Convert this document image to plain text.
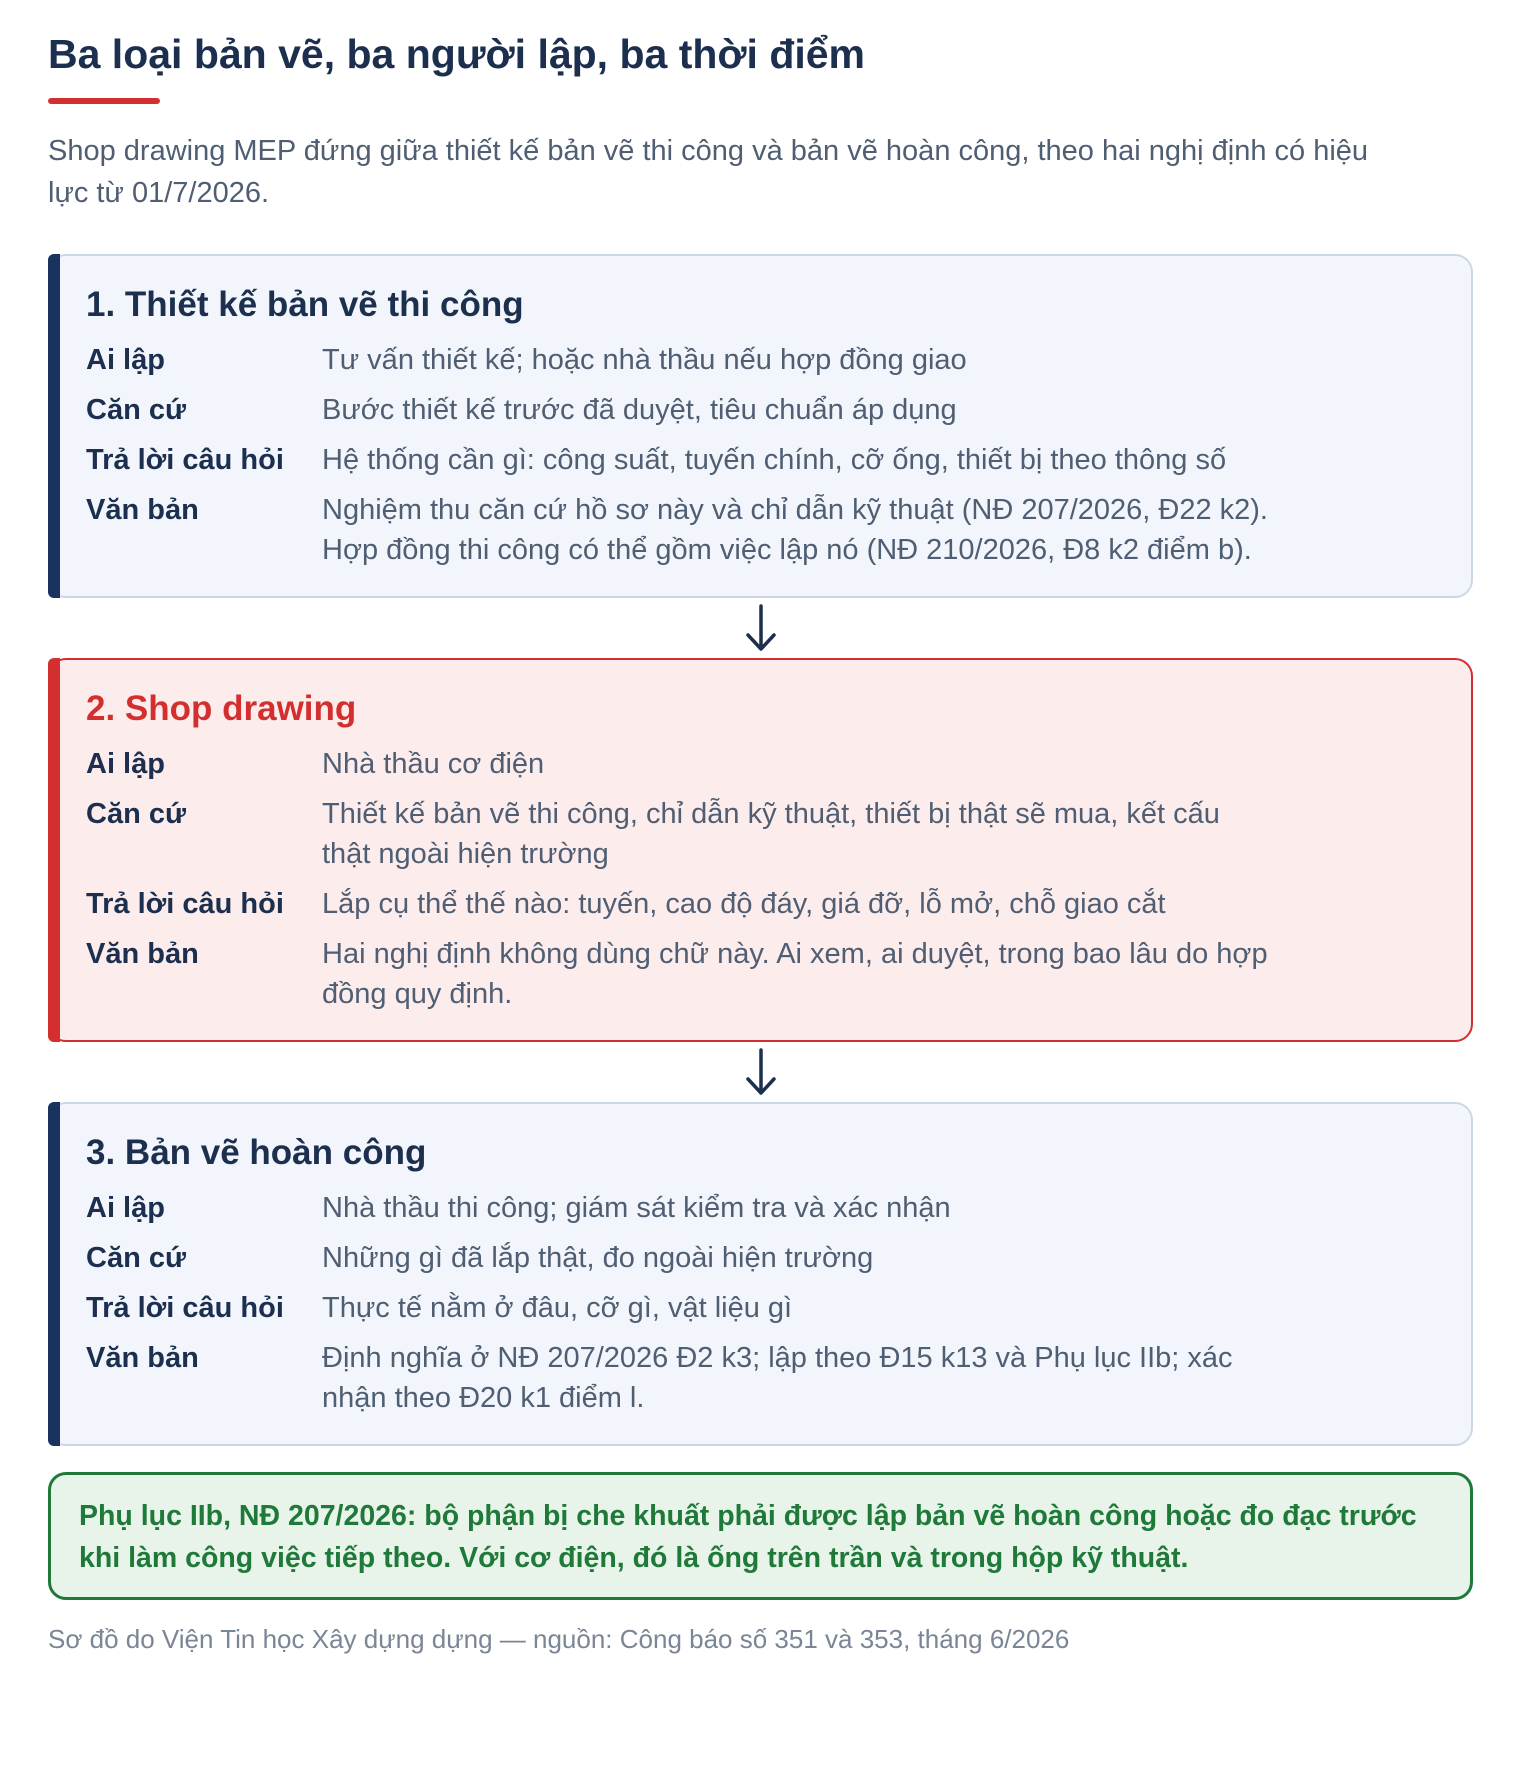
Ba loại bản vẽ, ba người lập, ba thời điểm
Shop drawing MEP đứng giữa thiết kế bản vẽ thi công và bản vẽ hoàn công, theo hai nghị định có hiệu lực từ 01/7/2026.
1. Thiết kế bản vẽ thi công
Ai lập	Tư vấn thiết kế; hoặc nhà thầu nếu hợp đồng giao
Căn cứ	Bước thiết kế trước đã duyệt, tiêu chuẩn áp dụng
Trả lời câu hỏi	Hệ thống cần gì: công suất, tuyến chính, cỡ ống, thiết bị theo thông số
Văn bản	Nghiệm thu căn cứ hồ sơ này và chỉ dẫn kỹ thuật (NĐ 207/2026, Đ22 k2). Hợp đồng thi công có thể gồm việc lập nó (NĐ 210/2026, Đ8 k2 điểm b).
2. Shop drawing
Ai lập	Nhà thầu cơ điện
Căn cứ	Thiết kế bản vẽ thi công, chỉ dẫn kỹ thuật, thiết bị thật sẽ mua, kết cấu thật ngoài hiện trường
Trả lời câu hỏi	Lắp cụ thể thế nào: tuyến, cao độ đáy, giá đỡ, lỗ mở, chỗ giao cắt
Văn bản	Hai nghị định không dùng chữ này. Ai xem, ai duyệt, trong bao lâu do hợp đồng quy định.
3. Bản vẽ hoàn công
Ai lập	Nhà thầu thi công; giám sát kiểm tra và xác nhận
Căn cứ	Những gì đã lắp thật, đo ngoài hiện trường
Trả lời câu hỏi	Thực tế nằm ở đâu, cỡ gì, vật liệu gì
Văn bản	Định nghĩa ở NĐ 207/2026 Đ2 k3; lập theo Đ15 k13 và Phụ lục IIb; xác nhận theo Đ20 k1 điểm l.
Phụ lục IIb, NĐ 207/2026: bộ phận bị che khuất phải được lập bản vẽ hoàn công hoặc đo đạc trước khi làm công việc tiếp theo. Với cơ điện, đó là ống trên trần và trong hộp kỹ thuật.
Sơ đồ do Viện Tin học Xây dựng dựng — nguồn: Công báo số 351 và 353, tháng 6/2026
